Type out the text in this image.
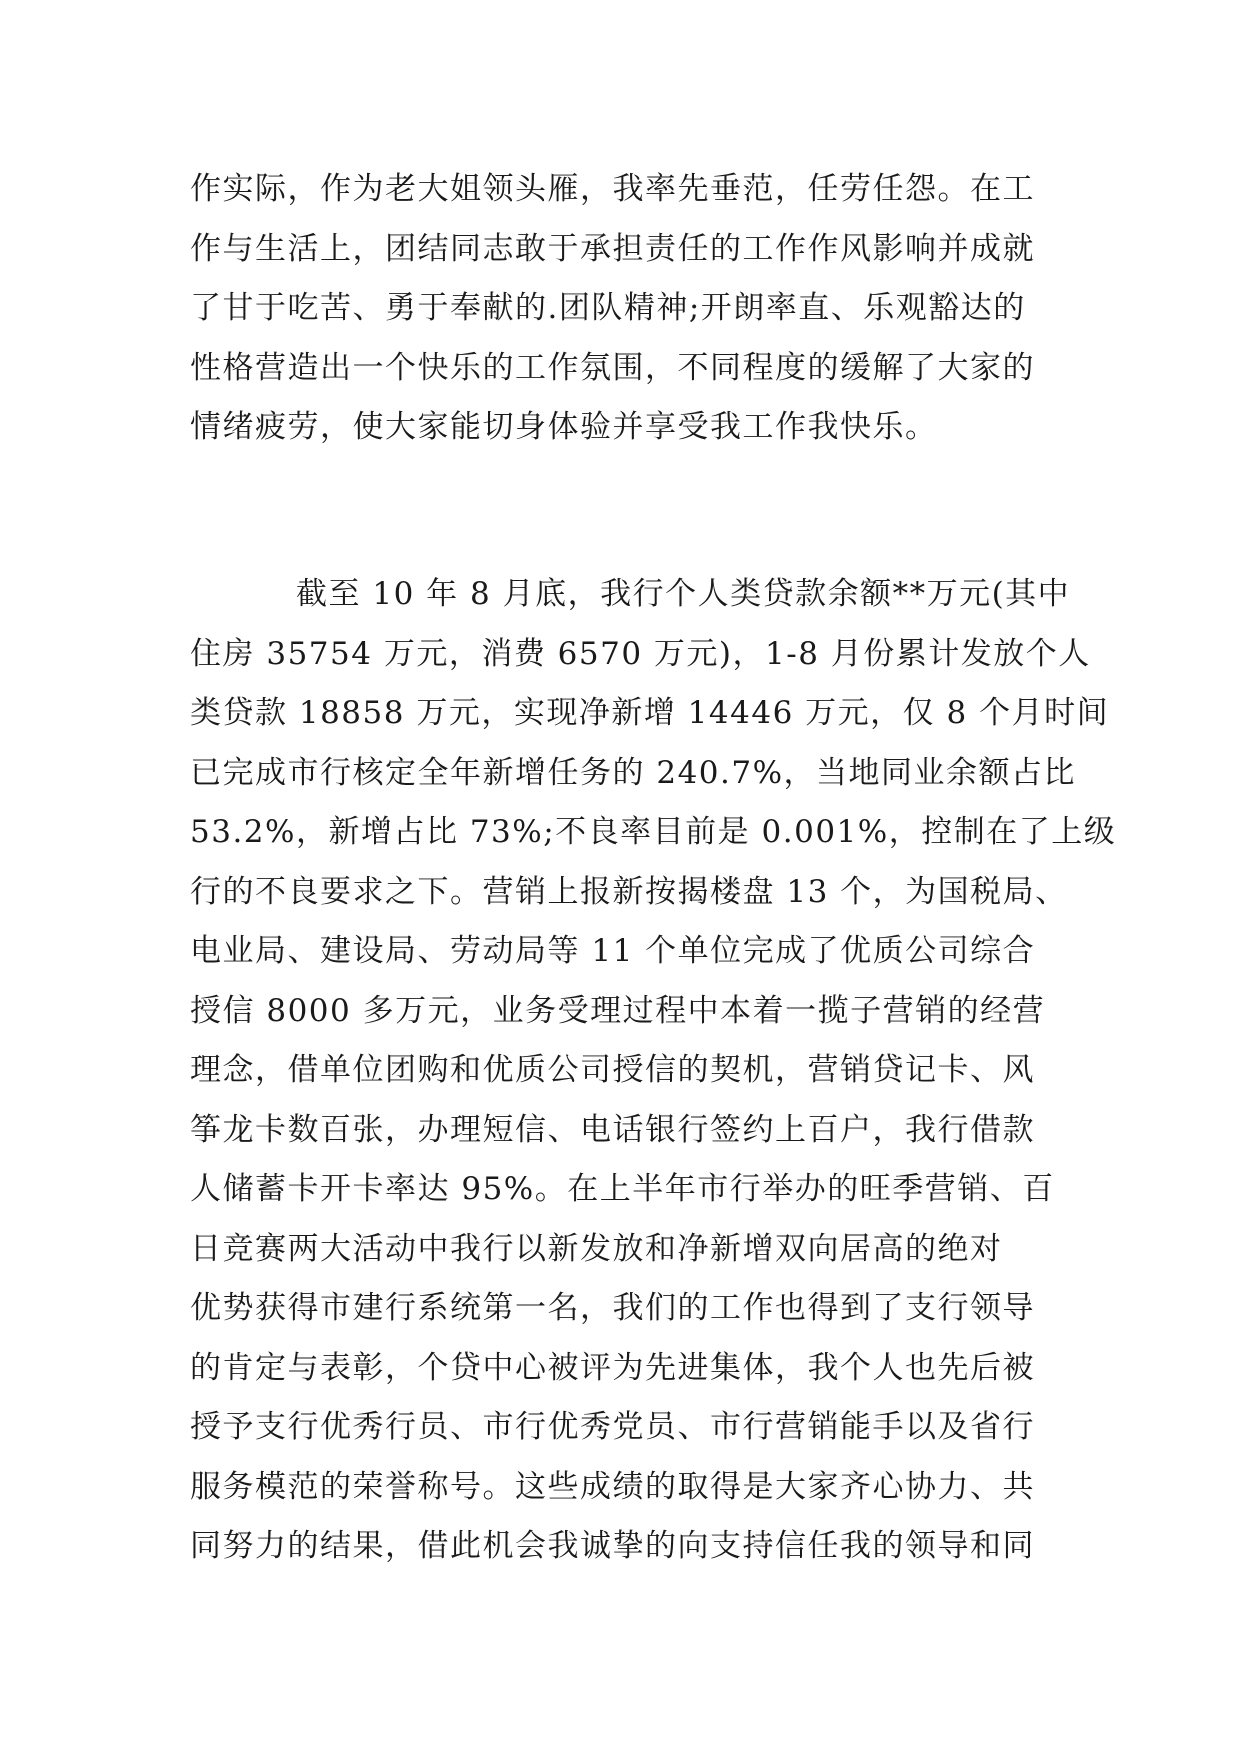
作实际，作为老大姐领头雁，我率先垂范，任劳任怨。在工
作与生活上，团结同志敢于承担责任的工作作风影响并成就
了甘于吃苦、勇于奉献的.团队精神;开朗率直、乐观豁达的
性格营造出一个快乐的工作氛围，不同程度的缓解了大家的
情绪疲劳，使大家能切身体验并享受我工作我快乐。
截至 10 年 8 月底，我行个人类贷款余额**万元(其中
住房 35754 万元，消费 6570 万元)，1-8 月份累计发放个人
类贷款 18858 万元，实现净新增 14446 万元，仅 8 个月时间
已完成市行核定全年新增任务的 240.7%，当地同业余额占比
53.2%，新增占比 73%;不良率目前是 0.001%，控制在了上级
行的不良要求之下。营销上报新按揭楼盘 13 个，为国税局、
电业局、建设局、劳动局等 11 个单位完成了优质公司综合
授信 8000 多万元，业务受理过程中本着一揽子营销的经营
理念，借单位团购和优质公司授信的契机，营销贷记卡、风
筝龙卡数百张，办理短信、电话银行签约上百户，我行借款
人储蓄卡开卡率达 95%。在上半年市行举办的旺季营销、百
日竞赛两大活动中我行以新发放和净新增双向居高的绝对
优势获得市建行系统第一名，我们的工作也得到了支行领导
的肯定与表彰，个贷中心被评为先进集体，我个人也先后被
授予支行优秀行员、市行优秀党员、市行营销能手以及省行
服务模范的荣誉称号。这些成绩的取得是大家齐心协力、共
同努力的结果，借此机会我诚挚的向支持信任我的领导和同
